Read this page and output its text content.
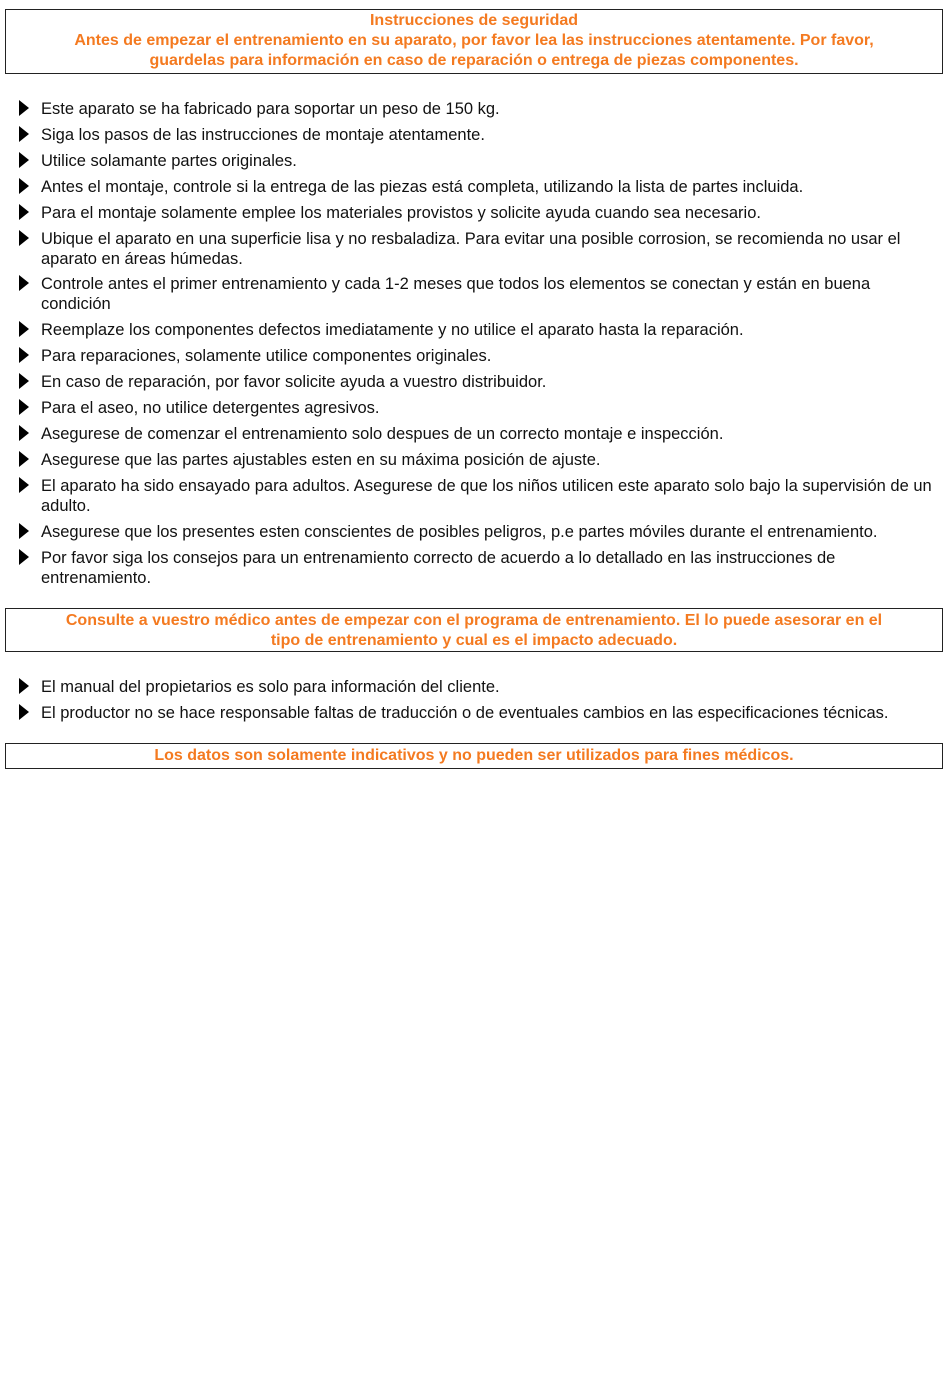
Instrucciones de seguridad
Antes de empezar el entrenamiento en su aparato, por favor lea las instrucciones atentamente. Por favor,
guardelas para información en caso de reparación o entrega de piezas componentes.
Este aparato se ha fabricado para soportar un peso de 150 kg.
Siga los pasos de las instrucciones de montaje atentamente.
Utilice solamante partes originales.
Antes el montaje, controle si la entrega de las piezas está completa, utilizando la lista de partes incluida.
Para el montaje solamente emplee los materiales provistos y solicite ayuda cuando sea necesario.
Ubique el aparato en una superficie lisa y no resbaladiza. Para evitar una posible corrosion, se recomienda no usar el aparato en áreas húmedas.
Controle antes el primer entrenamiento y cada 1-2 meses que todos los elementos se conectan y están en buena condición
Reemplaze los componentes defectos imediatamente y no utilice el aparato hasta la reparación.
Para reparaciones, solamente utilice componentes originales.
En caso de reparación, por favor solicite ayuda a vuestro distribuidor.
Para el aseo, no utilice detergentes agresivos.
Asegurese de comenzar el entrenamiento solo despues de un correcto montaje e inspección.
Asegurese que las partes ajustables esten en su máxima posición de ajuste.
El aparato ha sido ensayado para adultos. Asegurese de que los niños utilicen este aparato solo bajo la supervisión de un adulto.
Asegurese que los presentes esten conscientes de posibles peligros, p.e partes móviles durante el entrenamiento.
Por favor siga los consejos para un entrenamiento correcto de acuerdo a lo detallado en las instrucciones de entrenamiento.
Consulte a vuestro médico antes de empezar con el programa de entrenamiento. El lo puede asesorar en el
tipo de entrenamiento y cual es el impacto adecuado.
El manual del propietarios es solo para información del cliente.
El productor no se hace responsable faltas de traducción o de eventuales cambios en las especificaciones técnicas.
Los datos son solamente indicativos y no pueden ser utilizados para fines médicos.
